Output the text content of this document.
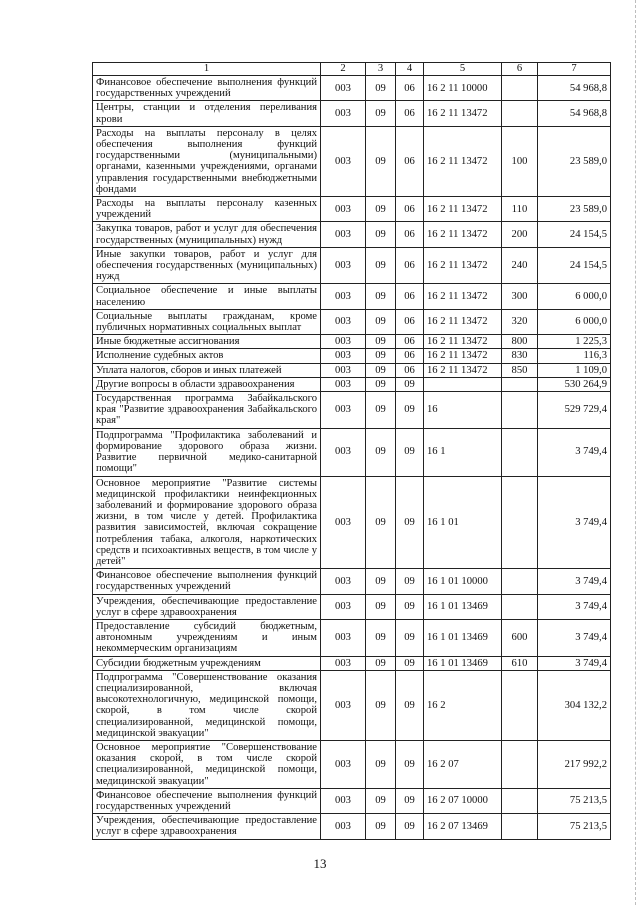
1	2	3	4	5	6	7
Финансовое обеспечение выполнения функций государственных учреждений	003	09	06	16 2 11 10000		54 968,8
Центры, станции и отделения переливания крови	003	09	06	16 2 11 13472		54 968,8
Расходы на выплаты персоналу в целях обеспечения выполнения функций государственными (муниципальными) органами, казенными учреждениями, органами управления государственными внебюджетными фондами	003	09	06	16 2 11 13472	100	23 589,0
Расходы на выплаты персоналу казенных учреждений	003	09	06	16 2 11 13472	110	23 589,0
Закупка товаров, работ и услуг для обеспечения государственных (муниципальных) нужд	003	09	06	16 2 11 13472	200	24 154,5
Иные закупки товаров, работ и услуг для обеспечения государственных (муниципальных) нужд	003	09	06	16 2 11 13472	240	24 154,5
Социальное обеспечение и иные выплаты населению	003	09	06	16 2 11 13472	300	6 000,0
Социальные выплаты гражданам, кроме публичных нормативных социальных выплат	003	09	06	16 2 11 13472	320	6 000,0
Иные бюджетные ассигнования	003	09	06	16 2 11 13472	800	1 225,3
Исполнение судебных актов	003	09	06	16 2 11 13472	830	116,3
Уплата налогов, сборов и иных платежей	003	09	06	16 2 11 13472	850	1 109,0
Другие вопросы в области здравоохранения	003	09	09			530 264,9
Государственная программа Забайкальского края "Развитие здравоохранения Забайкальского края"	003	09	09	16		529 729,4
Подпрограмма "Профилактика заболеваний и формирование здорового образа жизни. Развитие первичной медико-санитарной помощи"	003	09	09	16 1		3 749,4
Основное мероприятие "Развитие системы медицинской профилактики неинфекционных заболеваний и формирование здорового образа жизни, в том числе у детей. Профилактика развития зависимостей, включая сокращение потребления табака, алкоголя, наркотических средств и психоактивных веществ, в том числе у детей"	003	09	09	16 1 01		3 749,4
Финансовое обеспечение выполнения функций государственных учреждений	003	09	09	16 1 01 10000		3 749,4
Учреждения, обеспечивающие предоставление услуг в сфере здравоохранения	003	09	09	16 1 01 13469		3 749,4
Предоставление субсидий бюджетным, автономным учреждениям и иным некоммерческим организациям	003	09	09	16 1 01 13469	600	3 749,4
Субсидии бюджетным учреждениям	003	09	09	16 1 01 13469	610	3 749,4
Подпрограмма "Совершенствование оказания специализированной, включая высокотехнологичную, медицинской помощи, скорой, в том числе скорой специализированной, медицинской помощи, медицинской эвакуации"	003	09	09	16 2		304 132,2
Основное мероприятие "Совершенствование оказания скорой, в том числе скорой специализированной, медицинской помощи, медицинской эвакуации"	003	09	09	16 2 07		217 992,2
Финансовое обеспечение выполнения функций государственных учреждений	003	09	09	16 2 07 10000		75 213,5
Учреждения, обеспечивающие предоставление услуг в сфере здравоохранения	003	09	09	16 2 07 13469		75 213,5
13
